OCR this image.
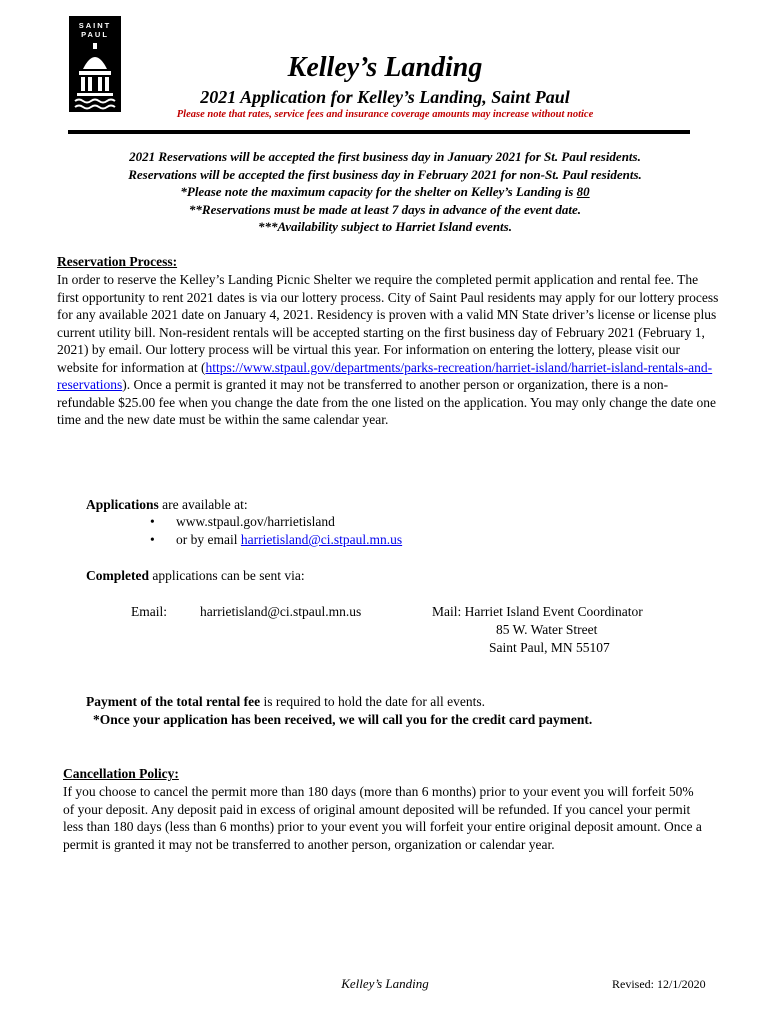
SAINT
PAUL
Kelley’s Landing
2021 Application for Kelley’s Landing, Saint Paul
Please note that rates, service fees and insurance coverage amounts may increase without notice
2021 Reservations will be accepted the first business day in January 2021 for St. Paul residents.
Reservations will be accepted the first business day in February 2021 for non-St. Paul residents.
*Please note the maximum capacity for the shelter on Kelley’s Landing is 80
**Reservations must be made at least 7 days in advance of the event date.
***Availability subject to Harriet Island events.
Reservation Process:
In order to reserve the Kelley’s Landing Picnic Shelter we require the completed permit application and rental fee. The first opportunity to rent 2021 dates is via our lottery process. City of Saint Paul residents may apply for our lottery process for any available 2021 date on January 4, 2021. Residency is proven with a valid MN State driver’s license or license plus current utility bill. Non-resident rentals will be accepted starting on the first business day of February 2021 (February 1, 2021) by email. Our lottery process will be virtual this year. For information on entering the lottery, please visit our website for information at (https://www.stpaul.gov/departments/parks-recreation/harriet-island/harriet-island-rentals-and-reservations). Once a permit is granted it may not be transferred to another person or organization, there is a non-refundable $25.00 fee when you change the date from the one listed on the application. You may only change the date one time and the new date must be within the same calendar year.
Applications are available at:
• www.stpaul.gov/harrietisland
• or by email harrietisland@ci.stpaul.mn.us
Completed applications can be sent via:
Email: harrietisland@ci.stpaul.mn.us	Mail: Harriet Island Event Coordinator
85 W. Water Street
Saint Paul, MN 55107
Payment of the total rental fee is required to hold the date for all events.
*Once your application has been received, we will call you for the credit card payment.
Cancellation Policy:
If you choose to cancel the permit more than 180 days (more than 6 months) prior to your event you will forfeit 50% of your deposit. Any deposit paid in excess of original amount deposited will be refunded. If you cancel your permit less than 180 days (less than 6 months) prior to your event you will forfeit your entire original deposit amount. Once a permit is granted it may not be transferred to another person, organization or calendar year.
Kelley’s Landing	Revised: 12/1/2020
